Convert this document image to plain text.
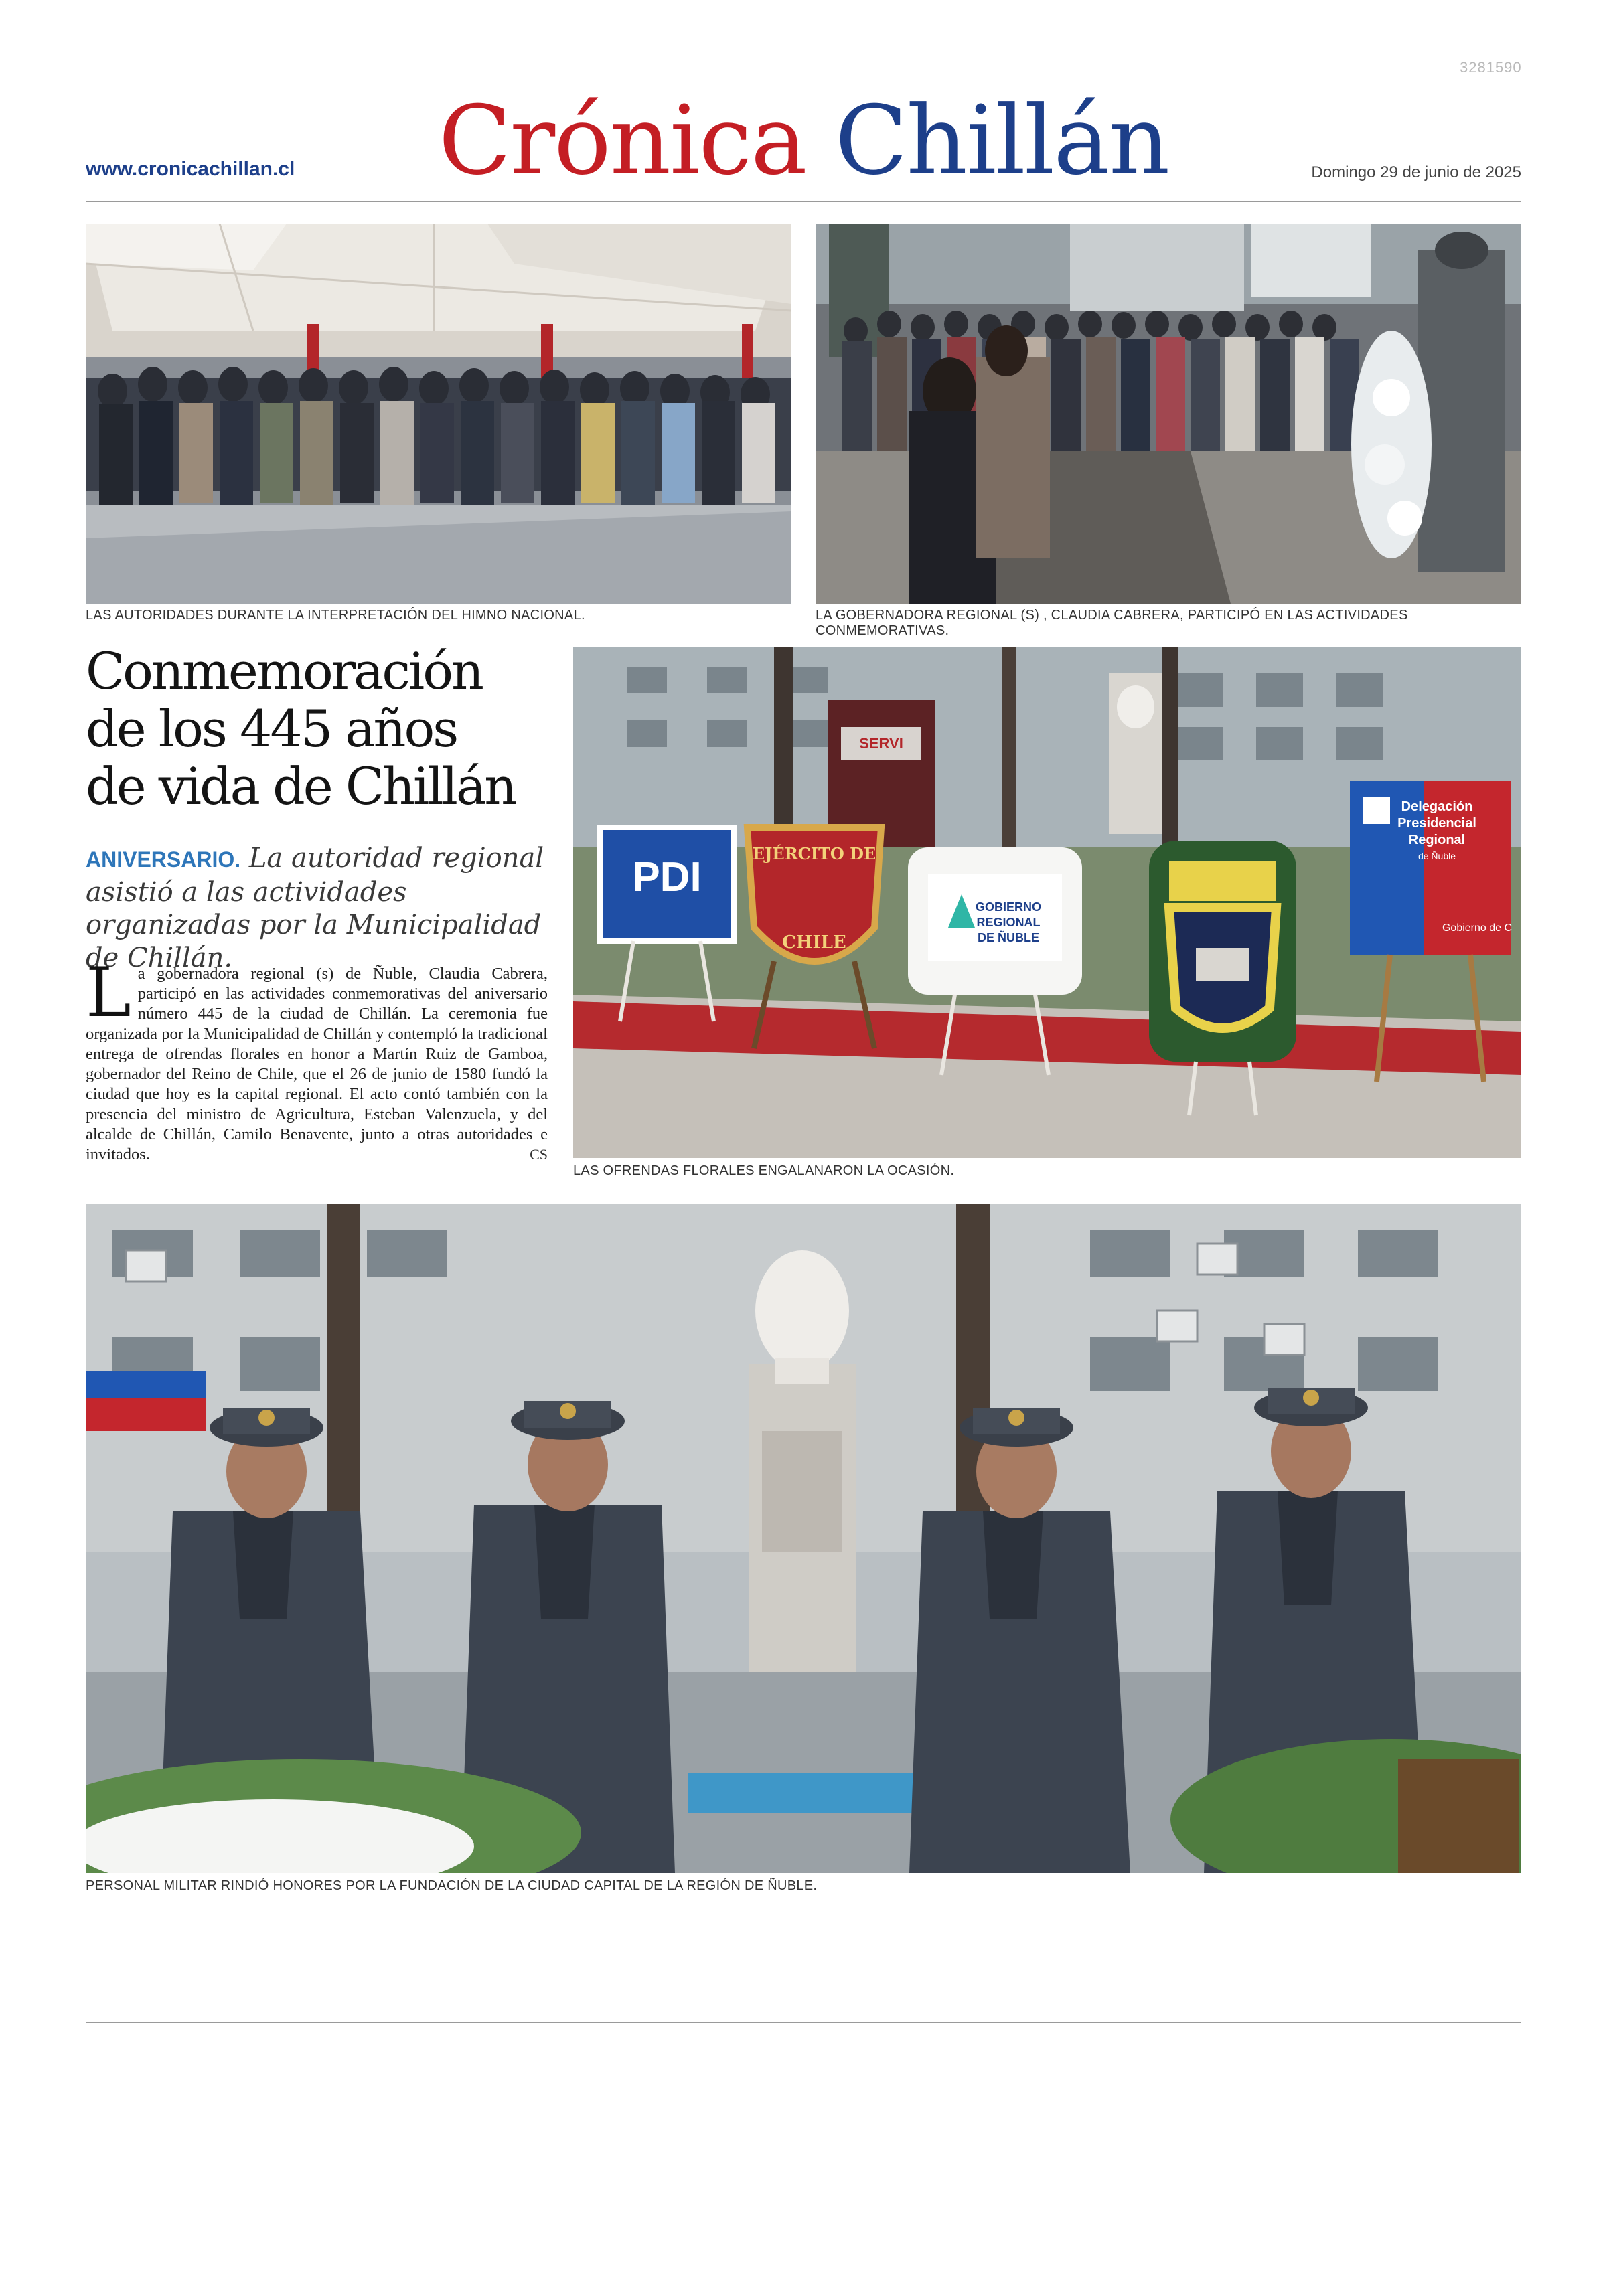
3281590
www.cronicachillan.cl	Crónica Chillán	Domingo 29 de junio de 2025
LAS AUTORIDADES DURANTE LA INTERPRETACIÓN DEL HIMNO NACIONAL.	LA GOBERNADORA REGIONAL (S) , CLAUDIA CABRERA, PARTICIPÓ EN LAS ACTIVIDADES CONMEMORATIVAS.
Conmemoración
de los 445 años
de vida de Chillán
ANIVERSARIO. La autoridad regional asistió a las actividades organizadas por la Municipalidad de Chillán.
La gobernadora regional (s) de Ñuble, Claudia Cabrera, participó en las actividades conmemorativas del aniversario número 445 de la ciudad de Chillán. La ceremonia fue organizada por la Municipalidad de Chillán y contempló la tradicional entrega de ofrendas florales en honor a Martín Ruiz de Gamboa, gobernador del Reino de Chile, que el 26 de junio de 1580 fundó la ciudad que hoy es la capital regional. El acto contó también con la presencia del ministro de Agricultura, Esteban Valenzuela, y del alcalde de Chillán, Camilo Benavente, junto a otras autoridades e invitados.	CS
SERVI
PDI
EJÉRCITO DE
CHILE
GOBIERNO
REGIONAL
DE ÑUBLE
Delegación
Presidencial
Regional
de Ñuble
Gobierno de C
LAS OFRENDAS FLORALES ENGALANARON LA OCASIÓN.
PERSONAL MILITAR RINDIÓ HONORES POR LA FUNDACIÓN DE LA CIUDAD CAPITAL DE LA REGIÓN DE ÑUBLE.
